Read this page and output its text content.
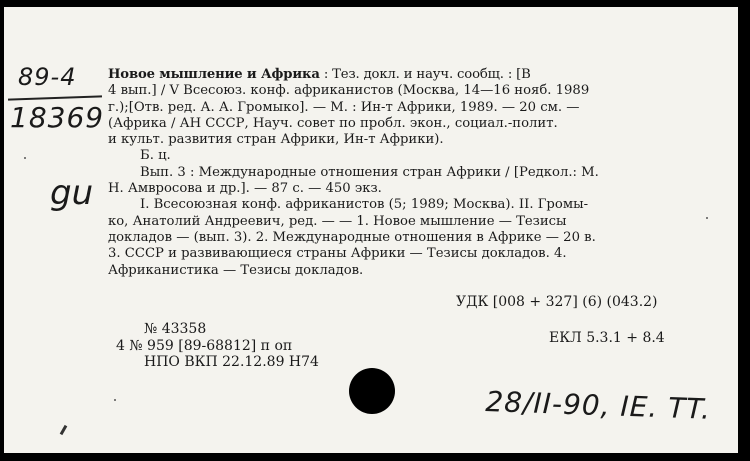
89-4
18369
gu
Новое мышление и Африка : Тез. докл. и науч. сообщ. : [В
4 вып.] / V Всесоюз. конф. африканистов (Москва, 14—16 нояб. 1989
г.);[Отв. ред. А. А. Громыко]. — М. : Ин-т Африки, 1989. — 20 см. —
(Африка / АН СССР, Науч. совет по пробл. экон., социал.-полит.
и культ. развития стран Африки, Ин-т Африки).
Б. ц.
Вып. 3 : Международные отношения стран Африки / [Редкол.: М.
Н. Амвросова и др.]. — 87 с. — 450 экз.
I. Всесоюзная конф. африканистов (5; 1989; Москва). II. Громы-
ко, Анатолий Андреевич, ред. — — 1. Новое мышление — Тезисы
докладов — (вып. 3). 2. Международные отношения в Африке — 20 в.
3. СССР и развивающиеся страны Африки — Тезисы докладов. 4.
Африканистика — Тезисы докладов.
УДК [008 + 327] (6) (043.2)
ЕКЛ 5.3.1 + 8.4
№ 43358
4 № 959 [89-68812] п оп
НПО ВКП 22.12.89 Н74
28/II-90, IE. TT.
